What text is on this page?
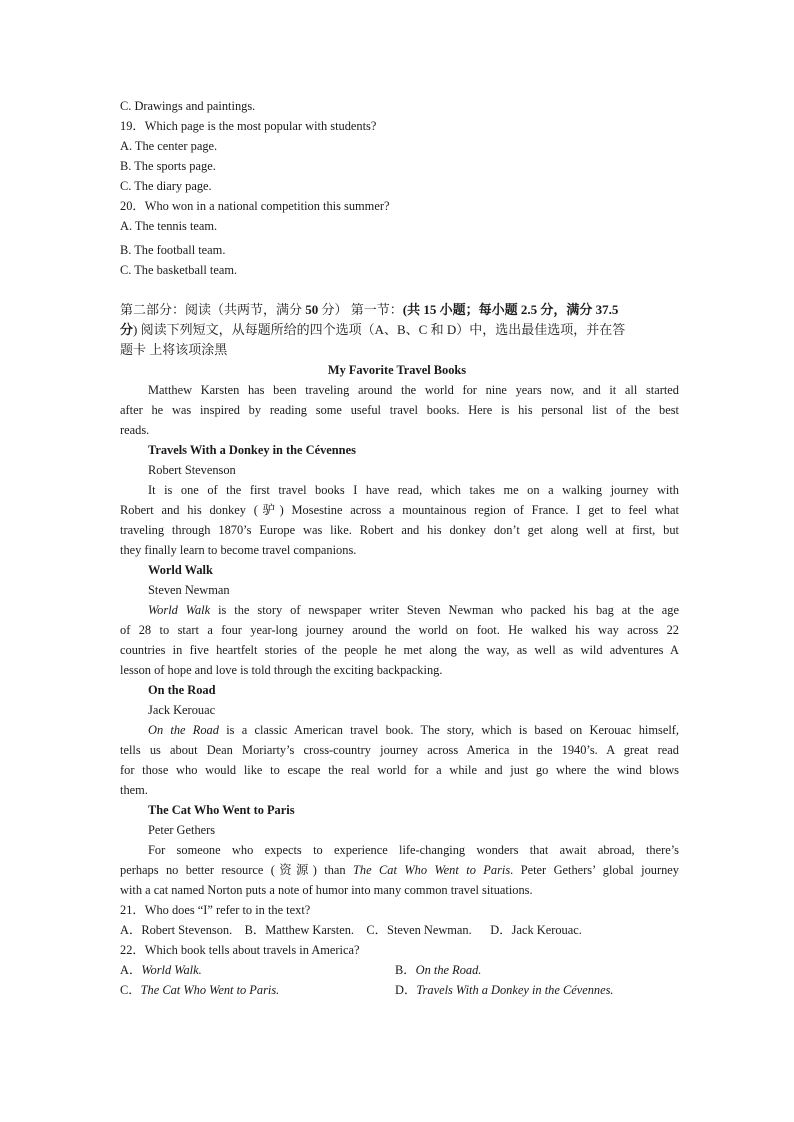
C. Drawings and paintings.
19．Which page is the most popular with students?
A. The center page.
B. The sports page.
C. The diary page.
20．Who won in a national competition this summer?
A. The tennis team.
B. The football team.
C. The basketball team.
第二部分：阅读（共两节，满分 50 分） 第一节：(共 15 小题；每小题 2.5 分，满分 37.5
分) 阅读下列短文，从每题所给的四个选项（A、B、C 和 D）中，选出最佳选项，并在答
题卡 上将该项涂黑
My Favorite Travel Books
Matthew Karsten has been traveling around the world for nine years now, and it all started
after he was inspired by reading some useful travel books. Here is his personal list of the best
reads.
Travels With a Donkey in the Cévennes
Robert Stevenson
It is one of the first travel books I have read, which takes me on a walking journey with
Robert and his donkey (驴) Mosestine across a mountainous region of France. I get to feel what
traveling through 1870’s Europe was like. Robert and his donkey don’t get along well at first, but
they finally learn to become travel companions.
World Walk
Steven Newman
World Walk is the story of newspaper writer Steven Newman who packed his bag at the age
of 28 to start a four year-long journey around the world on foot. He walked his way across 22
countries in five heartfelt stories of the people he met along the way, as well as wild adventures A
lesson of hope and love is told through the exciting backpacking.
On the Road
Jack Kerouac
On the Road is a classic American travel book. The story, which is based on Kerouac himself,
tells us about Dean Moriarty’s cross-country journey across America in the 1940’s. A great read
for those who would like to escape the real world for a while and just go where the wind blows
them.
The Cat Who Went to Paris
Peter Gethers
For someone who expects to experience life-changing wonders that await abroad, there’s
perhaps no better resource (资源) than The Cat Who Went to Paris. Peter Gethers’ global journey
with a cat named Norton puts a note of humor into many common travel situations.
21．Who does “I” refer to in the text?
A．Robert Stevenson.    B．Matthew Karsten.    C．Steven Newman.      D．Jack Kerouac.
22．Which book tells about travels in America?
A．World Walk.	B．On the Road.
C．The Cat Who Went to Paris.	D．Travels With a Donkey in the Cévennes.
